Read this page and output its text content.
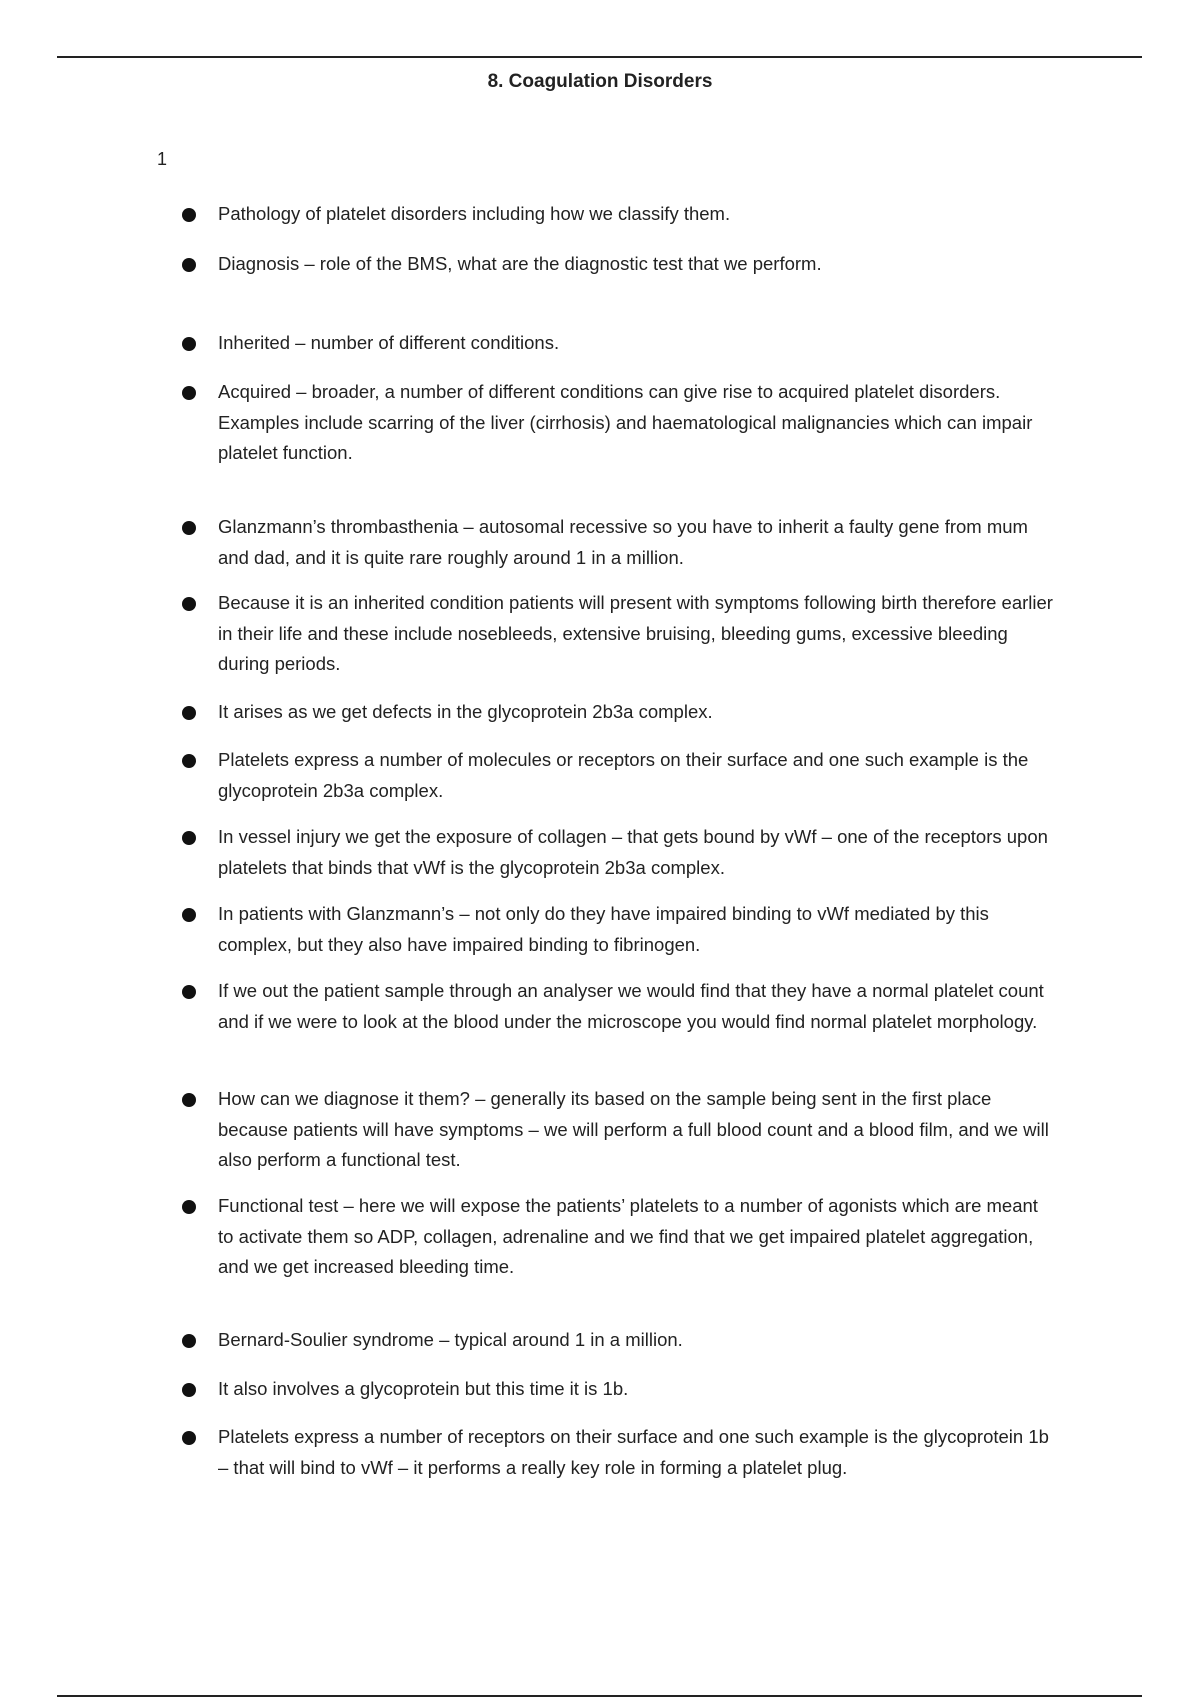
8. Coagulation Disorders
1
Pathology of platelet disorders including how we classify them.
Diagnosis – role of the BMS, what are the diagnostic test that we perform.
Inherited – number of different conditions.
Acquired – broader, a number of different conditions can give rise to acquired platelet disorders. Examples include scarring of the liver (cirrhosis) and haematological malignancies which can impair platelet function.
Glanzmann’s thrombasthenia – autosomal recessive so you have to inherit a faulty gene from mum and dad, and it is quite rare roughly around 1 in a million.
Because it is an inherited condition patients will present with symptoms following birth therefore earlier in their life and these include nosebleeds, extensive bruising, bleeding gums, excessive bleeding during periods.
It arises as we get defects in the glycoprotein 2b3a complex.
Platelets express a number of molecules or receptors on their surface and one such example is the glycoprotein 2b3a complex.
In vessel injury we get the exposure of collagen – that gets bound by vWf – one of the receptors upon platelets that binds that vWf is the glycoprotein 2b3a complex.
In patients with Glanzmann’s – not only do they have impaired binding to vWf mediated by this complex, but they also have impaired binding to fibrinogen.
If we out the patient sample through an analyser we would find that they have a normal platelet count and if we were to look at the blood under the microscope you would find normal platelet morphology.
How can we diagnose it them? – generally its based on the sample being sent in the first place because patients will have symptoms – we will perform a full blood count and a blood film, and we will also perform a functional test.
Functional test – here we will expose the patients’ platelets to a number of agonists which are meant to activate them so ADP, collagen, adrenaline and we find that we get impaired platelet aggregation, and we get increased bleeding time.
Bernard-Soulier syndrome – typical around 1 in a million.
It also involves a glycoprotein but this time it is 1b.
Platelets express a number of receptors on their surface and one such example is the glycoprotein 1b – that will bind to vWf – it performs a really key role in forming a platelet plug.
